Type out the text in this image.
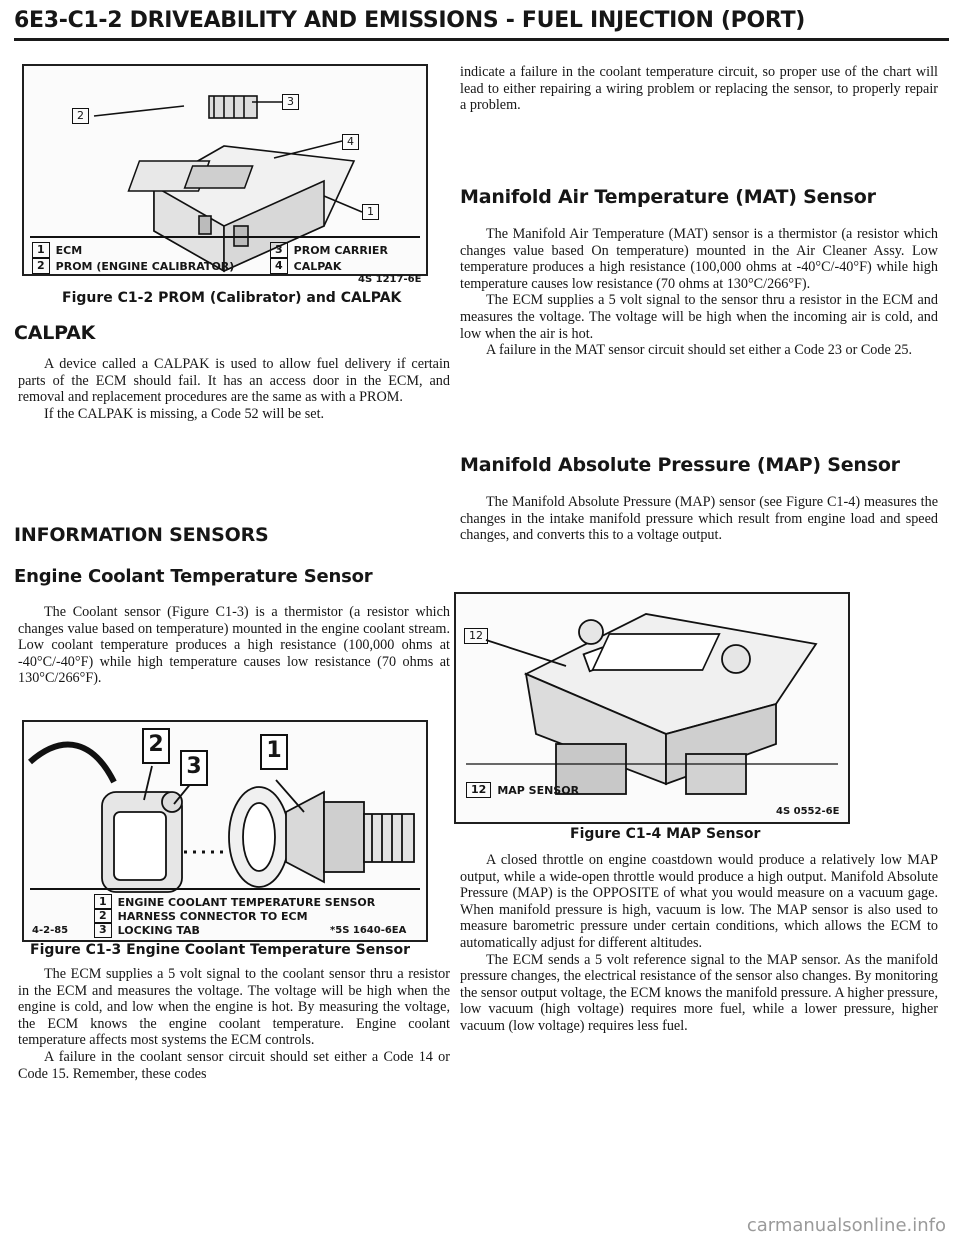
6E3-C1-2 DRIVEABILITY AND EMISSIONS - FUEL INJECTION (PORT)
2
3
4
1
1	ECM
2	PROM (ENGINE CALIBRATOR)
3	PROM CARRIER
4	CALPAK
4S 1217-6E
Figure C1-2 PROM (Calibrator) and CALPAK
CALPAK

A device called a CALPAK is used to allow fuel delivery if certain parts of the ECM should fail. It has an access door in the ECM, and removal and replacement procedures are the same as with a PROM.

If the CALPAK is missing, a Code 52 will be set.

INFORMATION SENSORS
Engine Coolant Temperature Sensor

The Coolant sensor (Figure C1-3) is a thermistor (a resistor which changes value based on temperature) mounted in the engine coolant stream. Low coolant temperature produces a high resistance (100,000 ohms at -40°C/-40°F) while high temperature causes low resistance (70 ohms at 130°C/266°F).

2
3
1
1	ENGINE COOLANT TEMPERATURE SENSOR
2	HARNESS CONNECTOR TO ECM
3	LOCKING TAB
4-2-85	*5S 1640-6EA
Figure C1-3 Engine Coolant Temperature Sensor

The ECM supplies a 5 volt signal to the coolant sensor thru a resistor in the ECM and measures the voltage. The voltage will be high when the engine is cold, and low when the engine is hot. By measuring the voltage, the ECM knows the engine coolant temperature. Engine coolant temperature affects most systems the ECM controls.

A failure in the coolant sensor circuit should set either a Code 14 or Code 15. Remember, these codes

indicate a failure in the coolant temperature circuit, so proper use of the chart will lead to either repairing a wiring problem or replacing the sensor, to properly repair a problem.

Manifold Air Temperature (MAT) Sensor

The Manifold Air Temperature (MAT) sensor is a thermistor (a resistor which changes value based On temperature) mounted in the Air Cleaner Assy. Low temperature produces a high resistance (100,000 ohms at -40°C/-40°F) while high temperature causes low resistance (70 ohms at 130°C/266°F).

The ECM supplies a 5 volt signal to the sensor thru a resistor in the ECM and measures the voltage. The voltage will be high when the incoming air is cold, and low when the air is hot.

A failure in the MAT sensor circuit should set either a Code 23 or Code 25.

Manifold Absolute Pressure (MAP) Sensor

The Manifold Absolute Pressure (MAP) sensor (see Figure C1-4) measures the changes in the intake manifold pressure which result from engine load and speed changes, and converts this to a voltage output.

12
12	MAP SENSOR
4S 0552-6E
Figure C1-4 MAP Sensor

A closed throttle on engine coastdown would produce a relatively low MAP output, while a wide-open throttle would produce a high output. Manifold Absolute Pressure (MAP) is the OPPOSITE of what you would measure on a vacuum gage. When manifold pressure is high, vacuum is low. The MAP sensor is also used to measure barometric pressure under certain conditions, which allows the ECM to automatically adjust for different altitudes.

The ECM sends a 5 volt reference signal to the MAP sensor. As the manifold pressure changes, the electrical resistance of the sensor also changes. By monitoring the sensor output voltage, the ECM knows the manifold pressure. A higher pressure, low vacuum (high voltage) requires more fuel, while a lower pressure, higher vacuum (low voltage) requires less fuel.

carmanualsonline.info
